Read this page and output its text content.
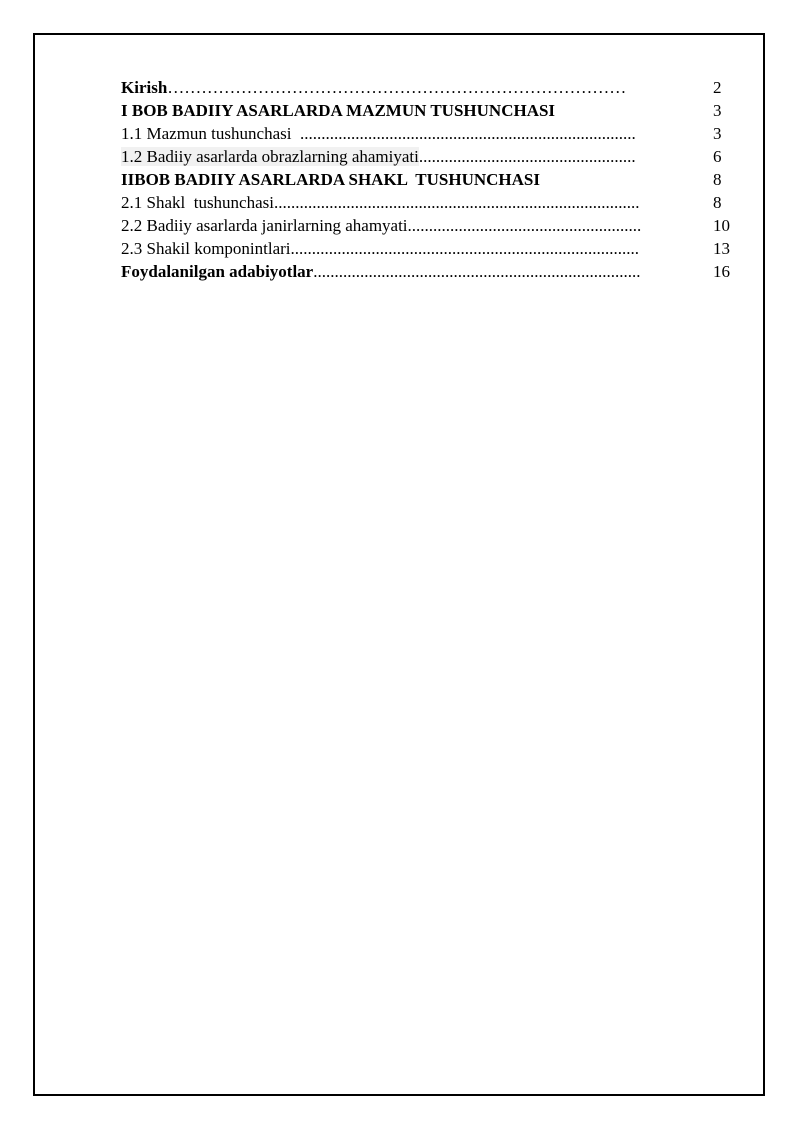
Kirish………………………………………………………………………	2
I BOB BADIIY ASARLARDA MAZMUN TUSHUNCHASI	3
1.1 Mazmun tushunchasi  ...............................................................................	3
1.2 Badiiy asarlarda obrazlarning ahamiyati...................................................	6
IIBOB BADIIY ASARLARDA SHAKL  TUSHUNCHASI	8
2.1 Shakl  tushunchasi......................................................................................	8
2.2 Badiiy asarlarda janirlarning ahamyati.......................................................	10
2.3 Shakil komponintlari..................................................................................	13
Foydalanilgan adabiyotlar.............................................................................	16
